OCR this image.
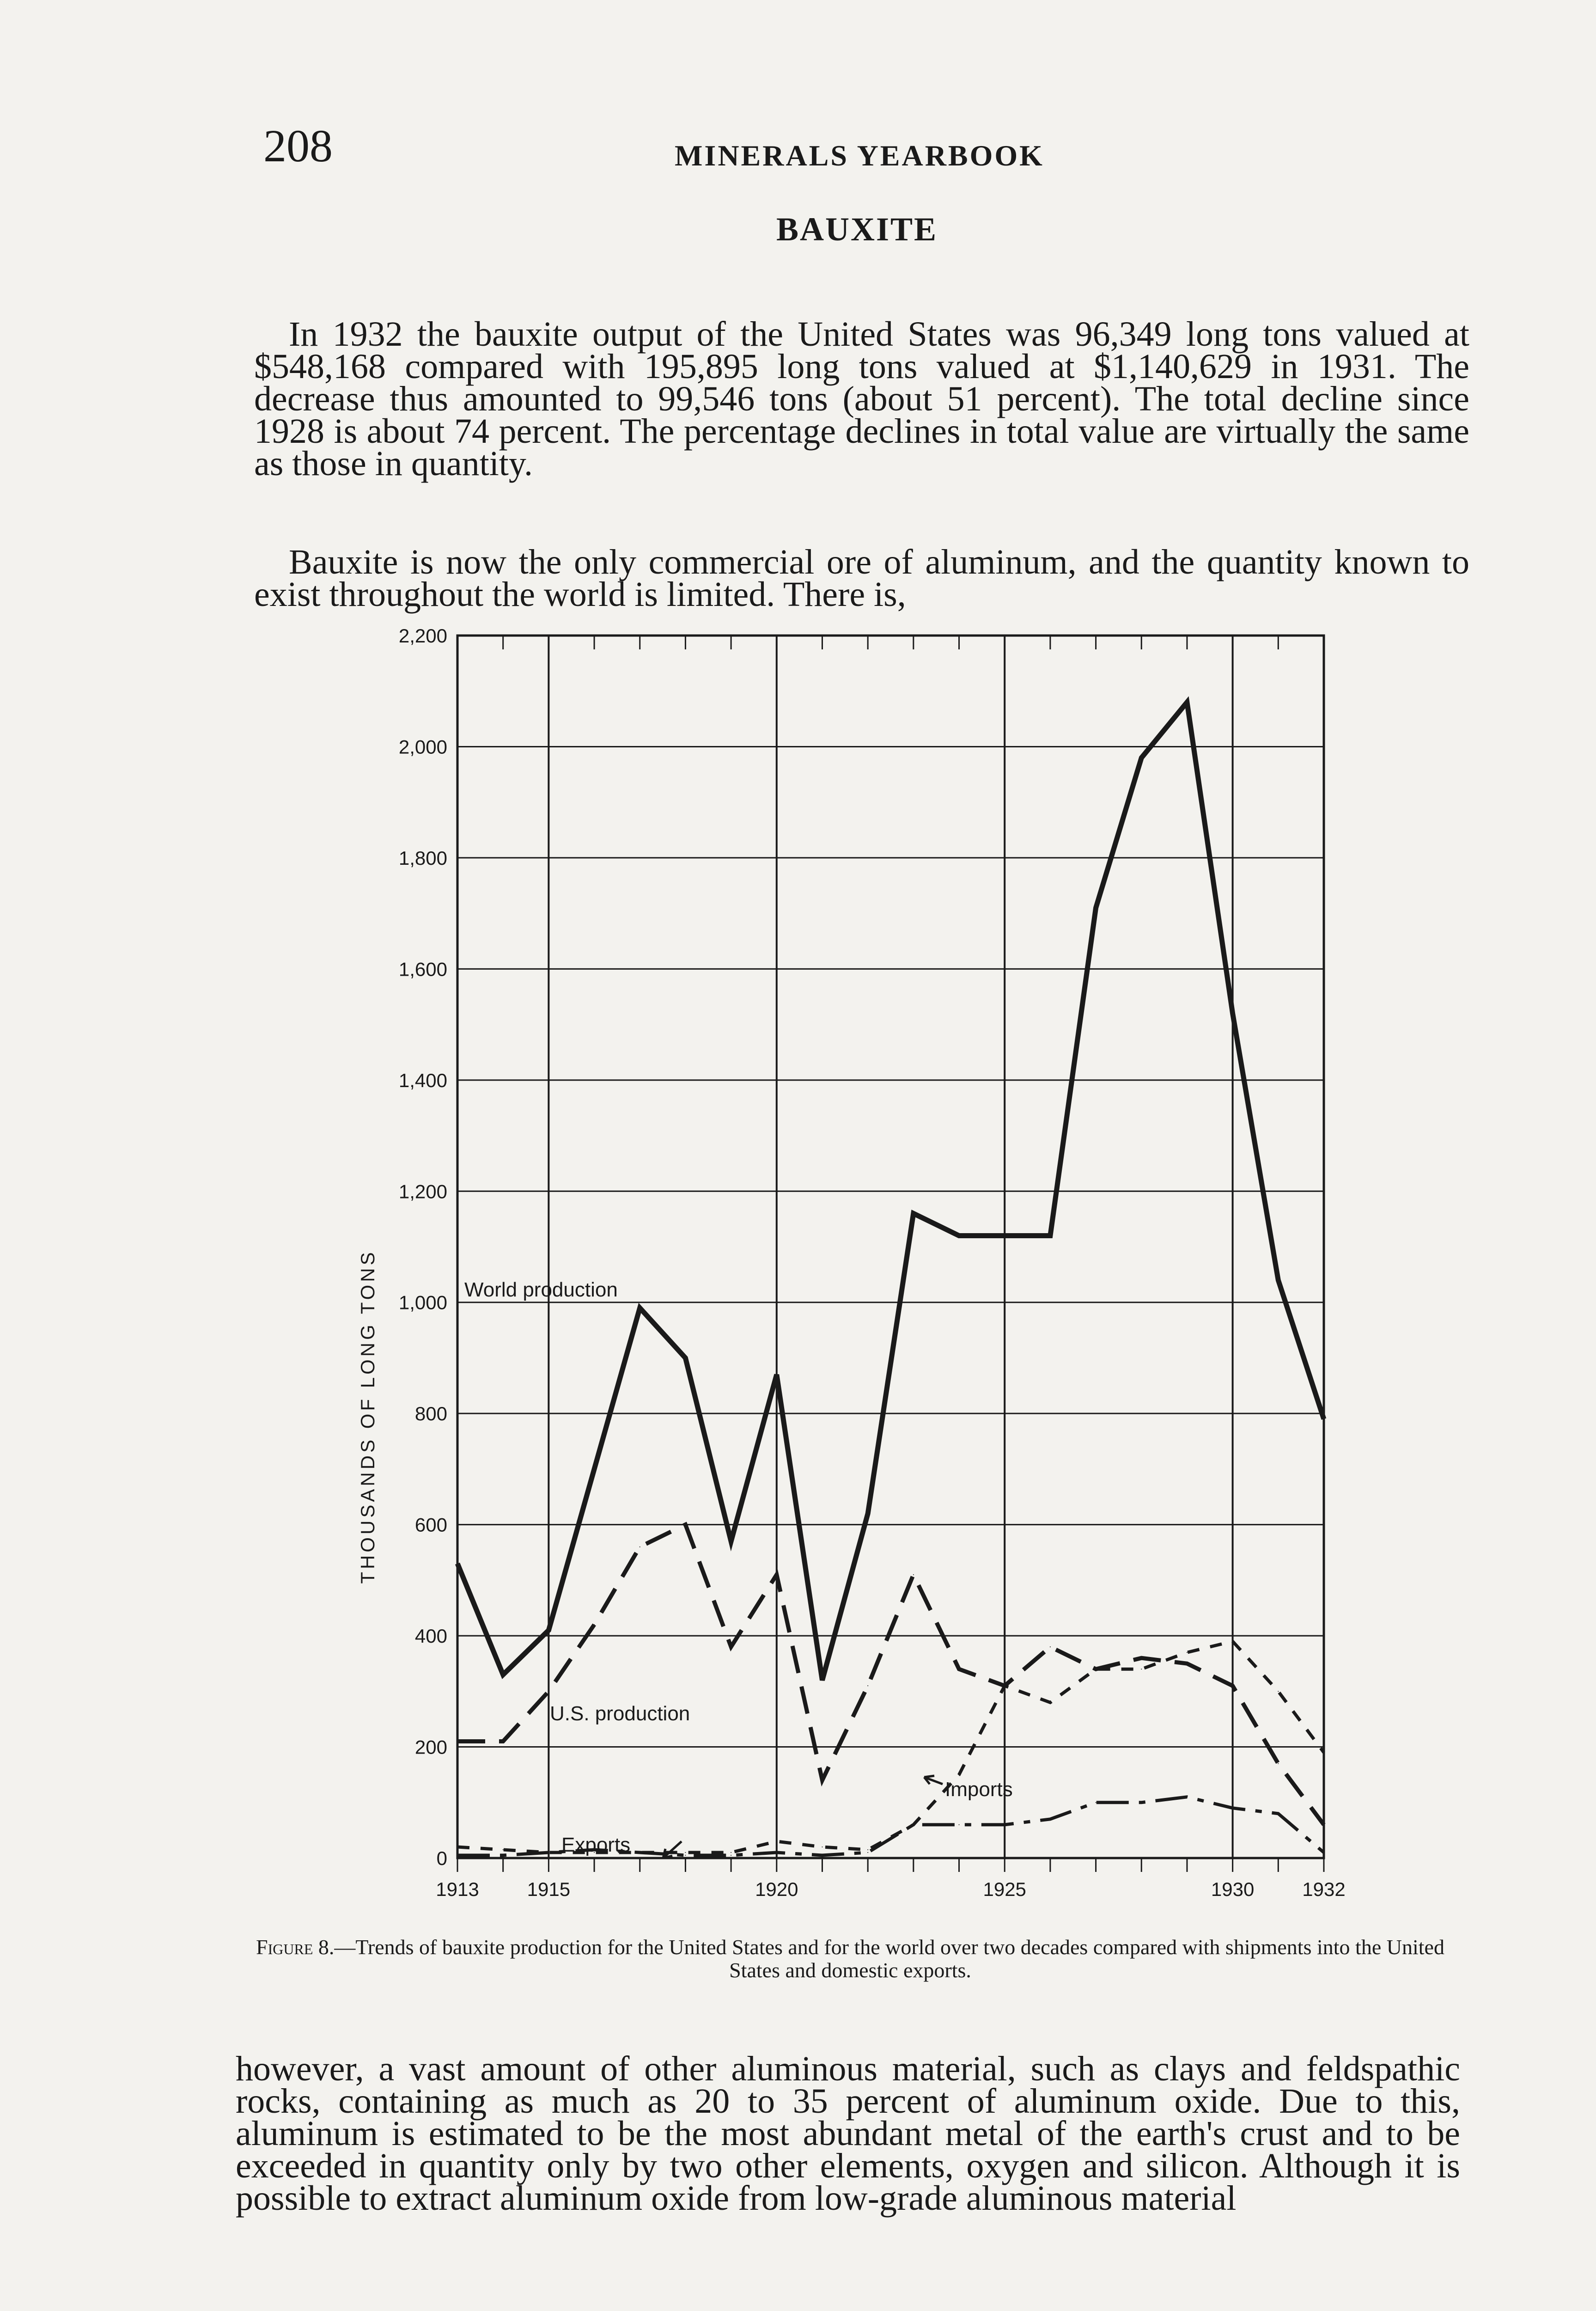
208	MINERALS YEARBOOK
BAUXITE

In 1932 the bauxite output of the United States was 96,349 long tons valued at $548,168 compared with 195,895 long tons valued at $1,140,629 in 1931. The decrease thus amounted to 99,546 tons (about 51 percent). The total decline since 1928 is about 74 percent. The percentage declines in total value are virtually the same as those in quantity.

Bauxite is now the only commercial ore of aluminum, and the quantity known to exist throughout the world is limited. There is,

0
200
400
600
800
1,000
1,200
1,400
1,600
1,800
2,000
2,200
1913 1915	1920	1925	1930 1932
THOUSANDS OF LONG TONS	World production
U.S. production
Imports
Exports
Figure 8.—Trends of bauxite production for the United States and for the world over two decades compared with shipments into the United States and domestic exports.

however, a vast amount of other aluminous material, such as clays and feldspathic rocks, containing as much as 20 to 35 percent of aluminum oxide. Due to this, aluminum is estimated to be the most abundant metal of the earth's crust and to be exceeded in quantity only by two other elements, oxygen and silicon. Although it is possible to extract aluminum oxide from low-grade aluminous material
